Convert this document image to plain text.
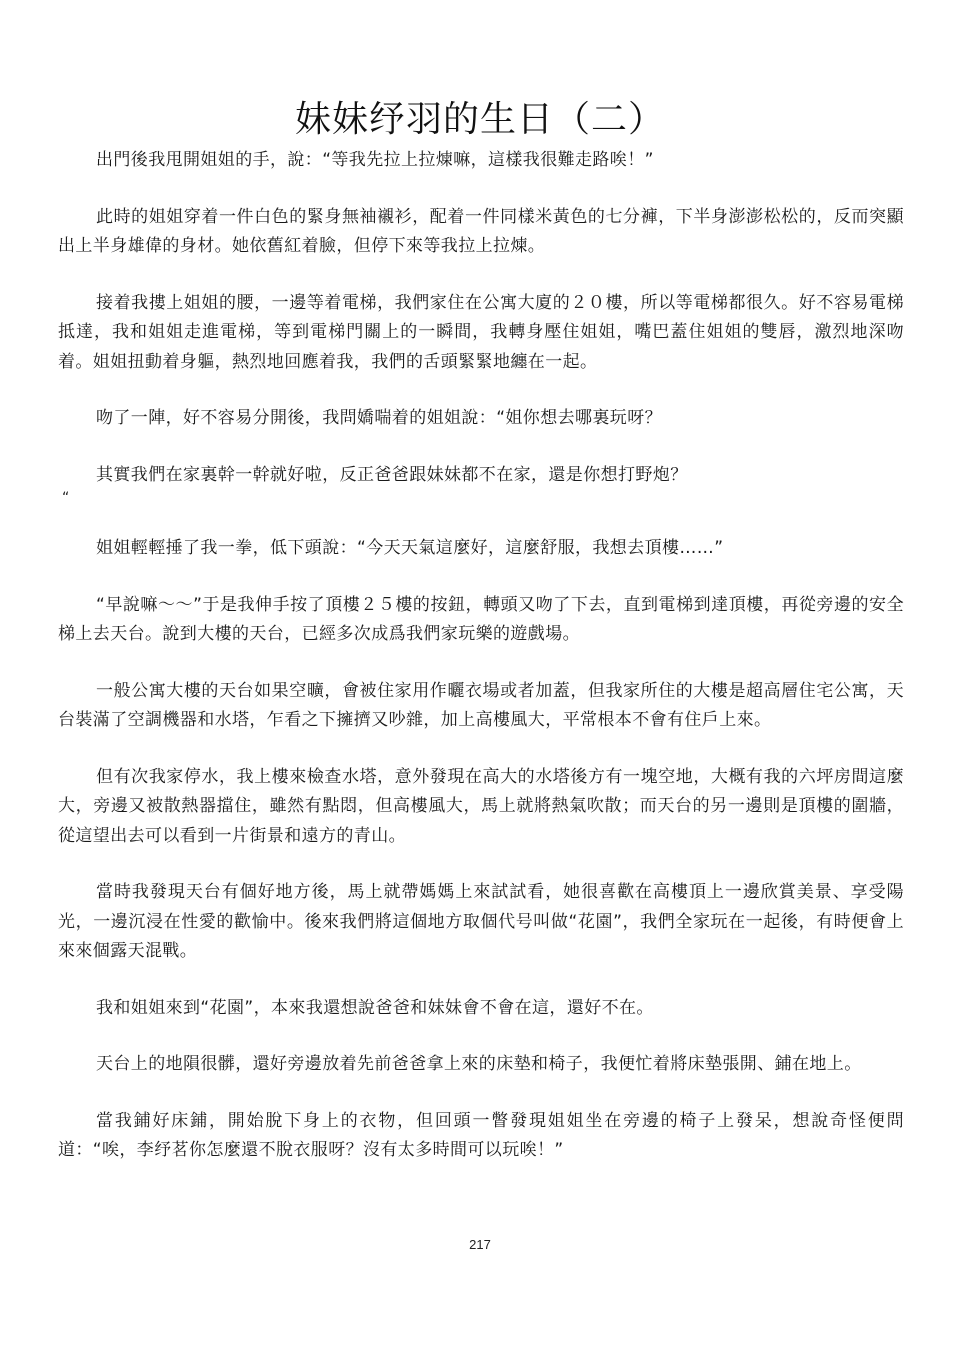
妹妹纾羽的生日（二）

出門後我甩開姐姐的手，說：“等我先拉上拉煉嘛，這樣我很難走路唉！”

此時的姐姐穿着一件白色的緊身無袖襯衫，配着一件同樣米黃色的七分褲，下半身澎澎松松的，反而突顯出上半身雄偉的身材。她依舊紅着臉，但停下來等我拉上拉煉。

接着我摟上姐姐的腰，一邊等着電梯，我們家住在公寓大廈的２０樓，所以等電梯都很久。好不容易電梯抵達，我和姐姐走進電梯，等到電梯門關上的一瞬間，我轉身壓住姐姐，嘴巴蓋住姐姐的雙唇，激烈地深吻着。姐姐扭動着身軀，熱烈地回應着我，我們的舌頭緊緊地纏在一起。

吻了一陣，好不容易分開後，我問嬌喘着的姐姐說：“姐你想去哪裏玩呀？

其實我們在家裏幹一幹就好啦，反正爸爸跟妹妹都不在家，還是你想打野炮？

“

姐姐輕輕捶了我一拳，低下頭說：“今天天氣這麼好，這麼舒服，我想去頂樓……”

“早說嘛～～”于是我伸手按了頂樓２５樓的按鈕，轉頭又吻了下去，直到電梯到達頂樓，再從旁邊的安全梯上去天台。說到大樓的天台，已經多次成爲我們家玩樂的遊戲場。

一般公寓大樓的天台如果空曠，會被住家用作曬衣場或者加蓋，但我家所住的大樓是超高層住宅公寓，天台裝滿了空調機器和水塔，乍看之下擁擠又吵雜，加上高樓風大，平常根本不會有住戶上來。

但有次我家停水，我上樓來檢查水塔，意外發現在高大的水塔後方有一塊空地，大概有我的六坪房間這麼大，旁邊又被散熱器擋住，雖然有點悶，但高樓風大，馬上就將熱氣吹散；而天台的另一邊則是頂樓的圍牆，從這望出去可以看到一片街景和遠方的青山。

當時我發現天台有個好地方後，馬上就帶媽媽上來試試看，她很喜歡在高樓頂上一邊欣賞美景、享受陽光，一邊沉浸在性愛的歡愉中。後來我們將這個地方取個代号叫做“花園”，我們全家玩在一起後，有時便會上來來個露天混戰。

我和姐姐來到“花園”，本來我還想說爸爸和妹妹會不會在這，還好不在。

天台上的地隕很髒，還好旁邊放着先前爸爸拿上來的床墊和椅子，我便忙着將床墊張開、鋪在地上。

當我鋪好床鋪，開始脫下身上的衣物，但回頭一瞥發現姐姐坐在旁邊的椅子上發呆，想說奇怪便問道：“唉，李纾茗你怎麼還不脫衣服呀？沒有太多時間可以玩唉！”

217
